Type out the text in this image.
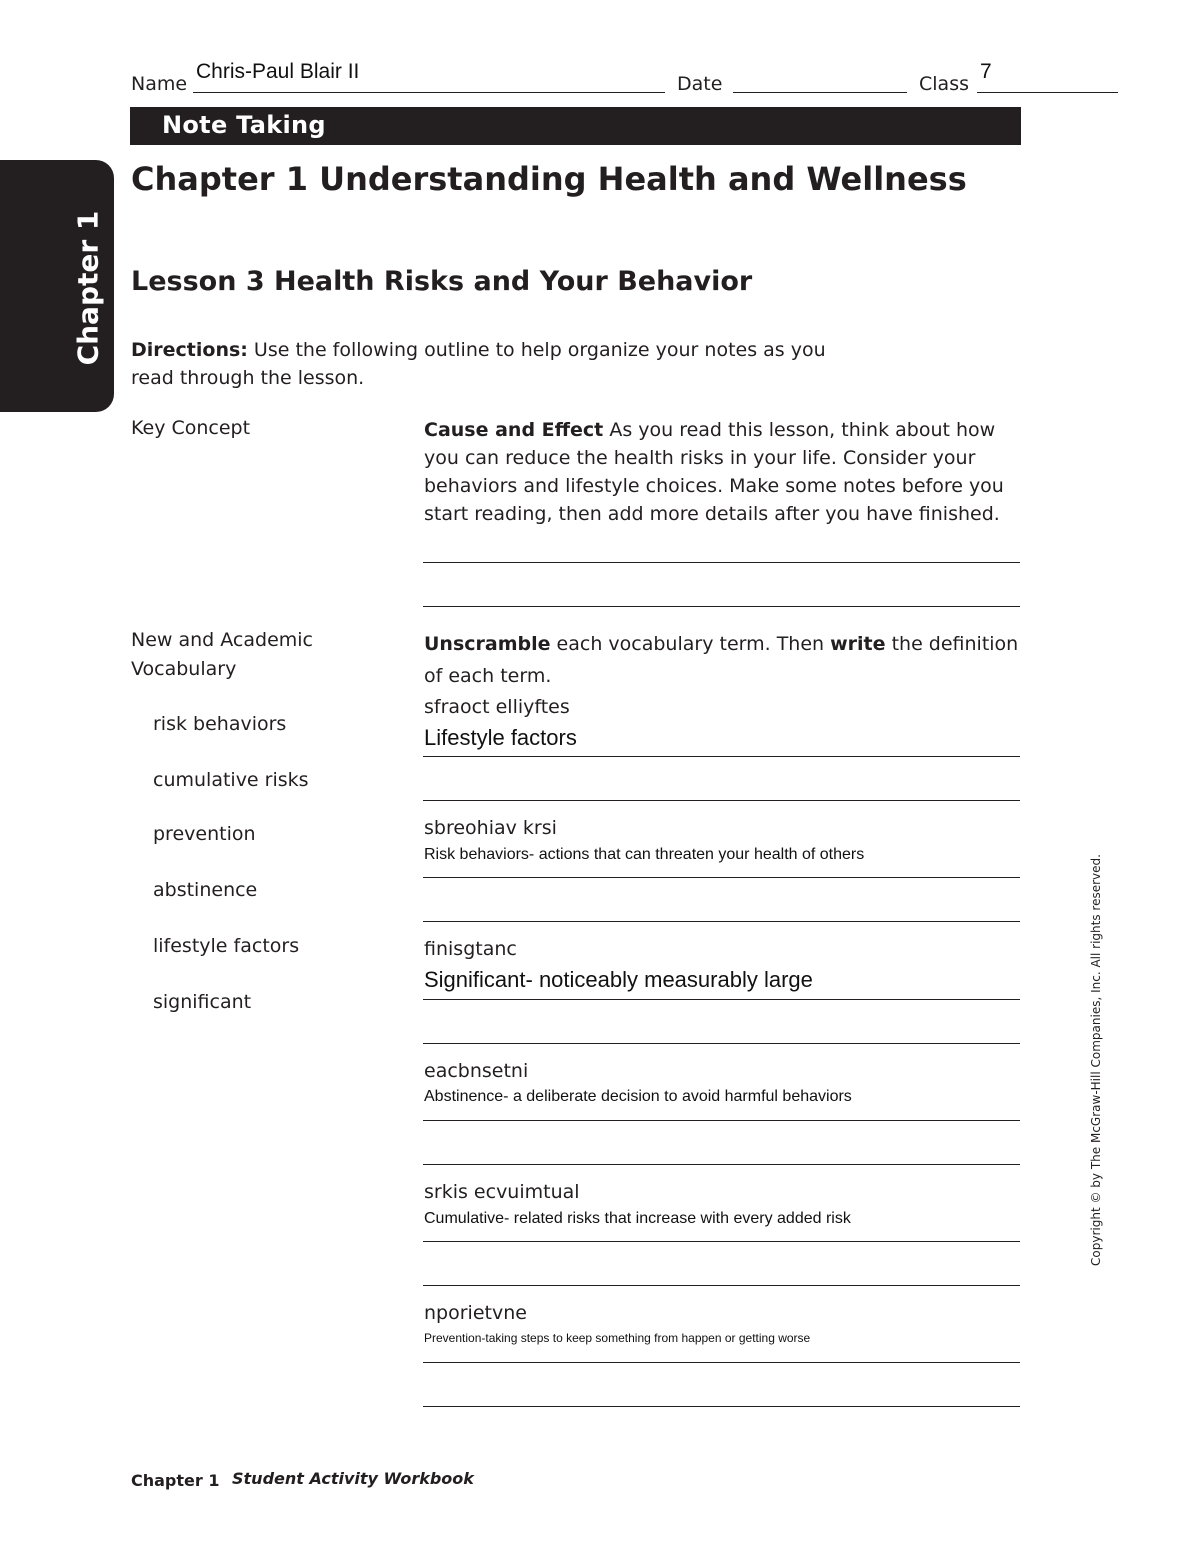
Name
Chris-Paul Blair II
Date	Class
7
Note Taking
Chapter 1
Chapter 1 Understanding Health and Wellness
Lesson 3 Health Risks and Your Behavior
Directions: Use the following outline to help organize your notes as you read through the lesson.
Key Concept	Cause and Effect As you read this lesson, think about how you can reduce the health risks in your life. Consider your behaviors and lifestyle choices. Make some notes before you start reading, then add more details after you have finished.
New and Academic
Vocabulary
risk behaviors
cumulative risks
prevention
abstinence
lifestyle factors
significant
Unscramble each vocabulary term. Then write the definition of each term.
sfraoct elliyftes
Lifestyle factors
sbreohiav krsi
Risk behaviors- actions that can threaten your health of others
finisgtanc
Significant- noticeably measurably large
eacbnsetni
Abstinence- a deliberate decision to avoid harmful behaviors
srkis ecvuimtual
Cumulative- related risks that increase with every added risk
nporietvne
Prevention-taking steps to keep something from happen or getting worse
Copyright © by The McGraw-Hill Companies, Inc. All rights reserved.
Chapter 1 Student Activity Workbook
